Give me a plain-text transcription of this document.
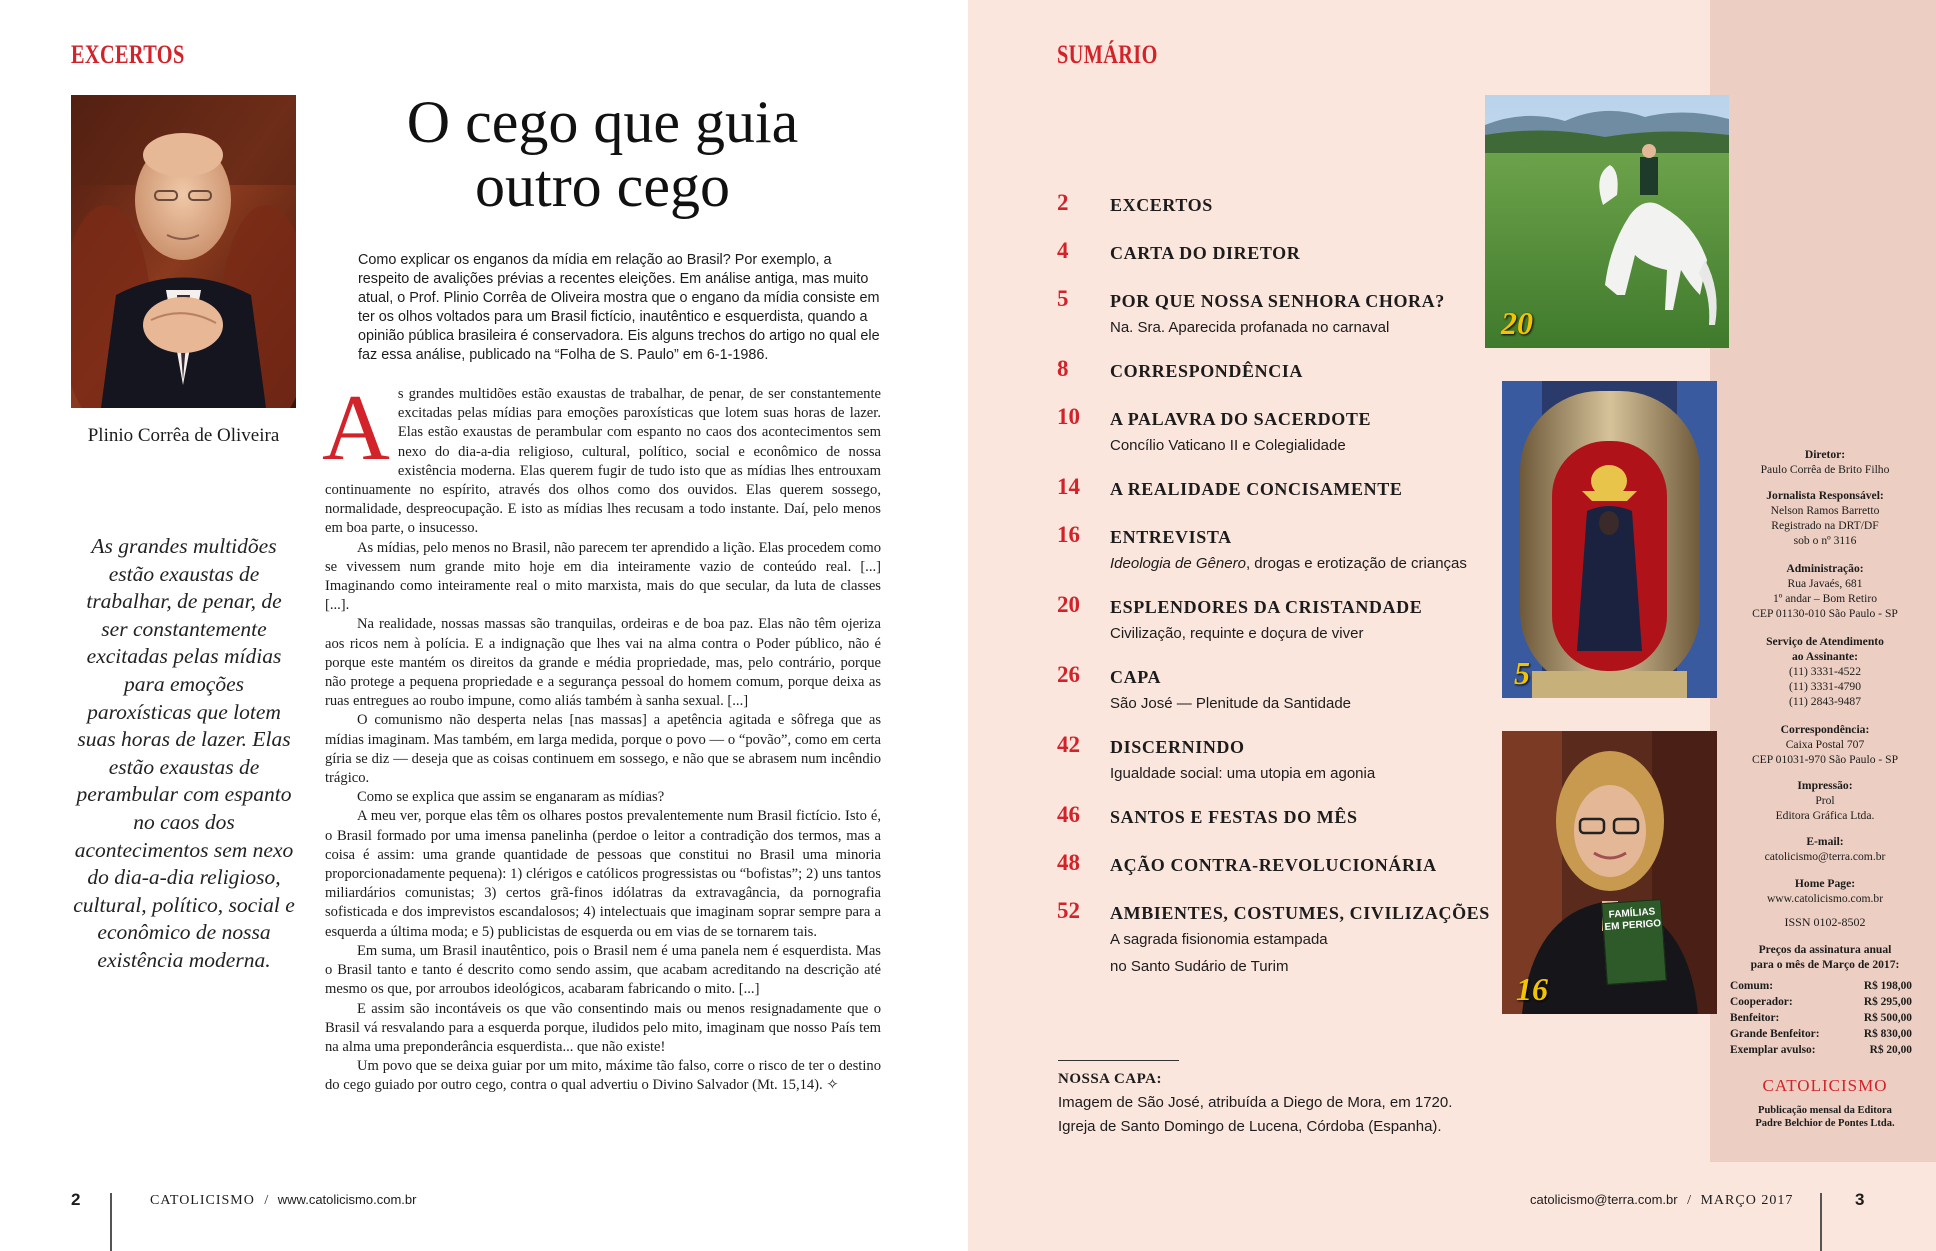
EXCERTOS
Plinio Corrêa de Oliveira
As grandes multidões estão exaustas de trabalhar, de penar, de ser constantemente excitadas pelas mídias para emoções paroxísticas que lotem suas horas de lazer. Elas estão exaustas de perambular com espanto no caos dos acontecimentos sem nexo do dia-a-dia religioso, cultural, político, social e econômico de nossa existência moderna.
O cego que guia
outro cego

Como explicar os enganos da mídia em relação ao Brasil? Por exemplo, a respeito de avalições prévias a recentes eleições. Em análise antiga, mas muito atual, o Prof. Plinio Corrêa de Oliveira mostra que o engano da mídia consiste em ter os olhos voltados para um Brasil fictício, inautêntico e esquerdista, quando a opinião pública brasileira é conservadora. Eis alguns trechos do artigo no qual ele faz essa análise, publicado na “Folha de S. Paulo” em 6-1-1986.

As grandes multidões estão exaustas de trabalhar, de penar, de ser constantemente excitadas pelas mídias para emoções paroxísticas que lotem suas horas de lazer. Elas estão exaustas de perambular com espanto no caos dos acontecimentos sem nexo do dia-a-dia religioso, cultural, político, social e econômico de nossa existência moderna. Elas querem fugir de tudo isto que as mídias lhes entrouxam continuamente no espírito, através dos olhos como dos ouvidos. Elas querem sossego, normalidade, despreocupação. E isto as mídias lhes recusam a todo instante. Daí, pelo menos em boa parte, o insucesso.

As mídias, pelo menos no Brasil, não parecem ter aprendido a lição. Elas procedem como se vivessem num grande mito hoje em dia inteiramente vazio de conteúdo real. [...] Imaginando como inteiramente real o mito marxista, mais do que secular, da luta de classes [...].

Na realidade, nossas massas são tranquilas, ordeiras e de boa paz. Elas não têm ojeriza aos ricos nem à polícia. E a indignação que lhes vai na alma contra o Poder público, não é porque este mantém os direitos da grande e média propriedade, mas, pelo contrário, porque não protege a pequena propriedade e a segurança pessoal do homem comum, porque deixa as ruas entregues ao roubo impune, como aliás também à sanha sexual. [...]

O comunismo não desperta nelas [nas massas] a apetência agitada e sôfrega que as mídias imaginam. Mas também, em larga medida, porque o povo — o “povão”, como em certa gíria se diz — deseja que as coisas continuem em sossego, e não que se abrasem num incêndio trágico.

Como se explica que assim se enganaram as mídias?

A meu ver, porque elas têm os olhares postos prevalentemente num Brasil fictício. Isto é, o Brasil formado por uma imensa panelinha (perdoe o leitor a contradição dos termos, mas a coisa é assim: uma grande quantidade de pessoas que constitui no Brasil uma minoria proporcionadamente pequena): 1) clérigos e católicos progressistas ou “bofistas”; 2) uns tantos miliardários comunistas; 3) certos grã-finos idólatras da extravagância, da pornografia sofisticada e dos imprevistos escandalosos; 4) intelectuais que imaginam soprar sempre para a esquerda a última moda; e 5) publicistas de esquerda ou em vias de se tornarem tais.

Em suma, um Brasil inautêntico, pois o Brasil nem é uma panela nem é esquerdista. Mas o Brasil tanto e tanto é descrito como sendo assim, que acabam acreditando na descrição até mesmo os que, por arroubos ideológicos, acabaram fabricando o mito. [...]

E assim são incontáveis os que vão consentindo mais ou menos resignadamente que o Brasil vá resvalando para a esquerda porque, iludidos pelo mito, imaginam que nosso País tem na alma uma preponderância esquerdista... que não existe!

Um povo que se deixa guiar por um mito, máxime tão falso, corre o risco de ter o destino do cego guiado por outro cego, contra o qual advertiu o Divino Salvador (Mt. 15,14). ✧

2	CATOLICISMO / www.catolicismo.com.br
SUMÁRIO
2 EXCERTOS
4 CARTA DO DIRETOR
5 POR QUE NOSSA SENHORA CHORA?
Na. Sra. Aparecida profanada no carnaval
8 CORRESPONDÊNCIA
10 A PALAVRA DO SACERDOTE
Concílio Vaticano II e Colegialidade
14 A REALIDADE CONCISAMENTE
16 ENTREVISTA
Ideologia de Gênero, drogas e erotização de crianças
20 ESPLENDORES DA CRISTANDADE
Civilização, requinte e doçura de viver
26 CAPA
São José — Plenitude da Santidade
42 DISCERNINDO
Igualdade social: uma utopia em agonia
46 SANTOS E FESTAS DO MÊS
48 AÇÃO CONTRA-REVOLUCIONÁRIA
52 AMBIENTES, COSTUMES, CIVILIZAÇÕES
A sagrada fisionomia estampada
no Santo Sudário de Turim
20
5
FAMÍLIAS
EM PERIGO
16
NOSSA CAPA:
Imagem de São José, atribuída a Diego de Mora, em 1720.
Igreja de Santo Domingo de Lucena, Córdoba (Espanha).
Diretor:
Paulo Corrêa de Brito Filho
Jornalista Responsável:
Nelson Ramos Barretto
Registrado na DRT/DF
sob o nº 3116
Administração:
Rua Javaés, 681
1º andar – Bom Retiro
CEP 01130-010 São Paulo - SP
Serviço de Atendimento
ao Assinante:
(11) 3331-4522
(11) 3331-4790
(11) 2843-9487
Correspondência:
Caixa Postal 707
CEP 01031-970 São Paulo - SP
Impressão:
Prol
Editora Gráfica Ltda.
E-mail:
catolicismo@terra.com.br
Home Page:
www.catolicismo.com.br
ISSN 0102-8502
Preços da assinatura anual
para o mês de Março de 2017:
Comum:	R$ 198,00
Cooperador:	R$ 295,00
Benfeitor:	R$ 500,00
Grande Benfeitor:	R$ 830,00
Exemplar avulso:	R$ 20,00
CATOLICISMO
Publicação mensal da Editora
Padre Belchior de Pontes Ltda.
catolicismo@terra.com.br / MARÇO 2017	3
